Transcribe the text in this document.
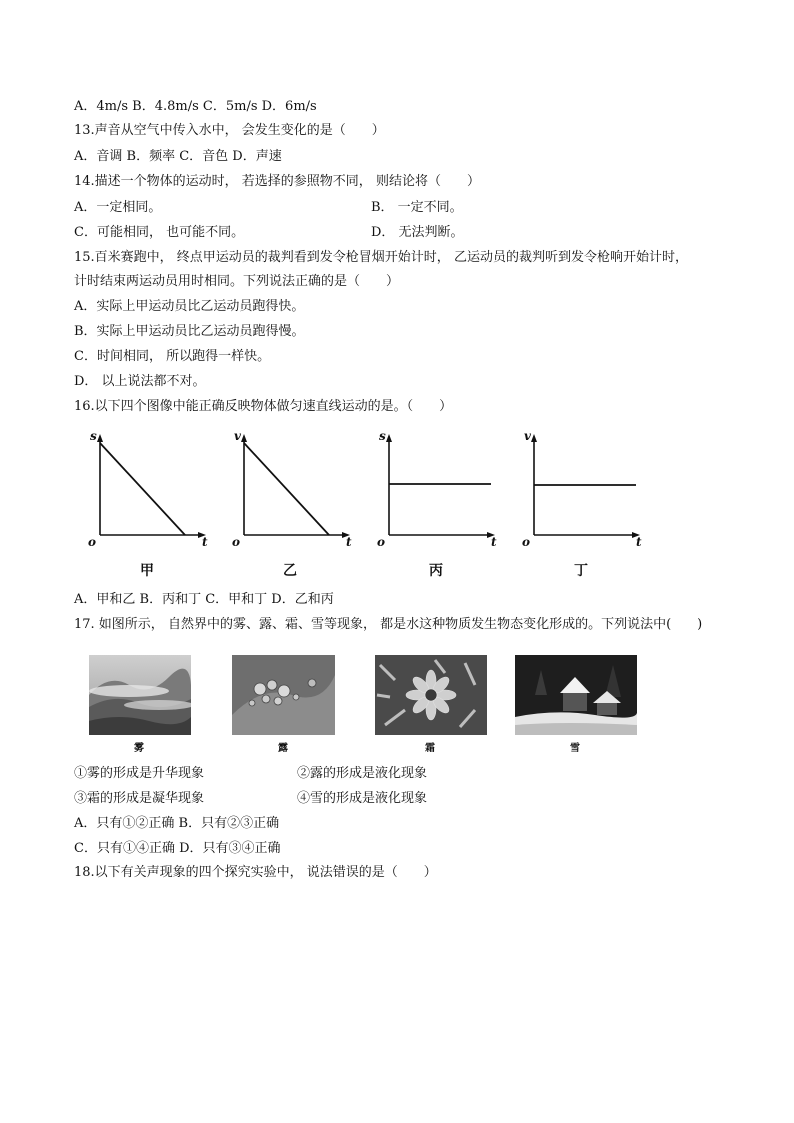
A．4m/s B．4.8m/s C．5m/s D．6m/s
13.声音从空气中传入水中， 会发生变化的是（　　）
A．音调 B．频率 C．音色 D．声速
14.描述一个物体的运动时， 若选择的参照物不同， 则结论将（　　）
A．一定相同。	B． 一定不同。
C．可能相同， 也可能不同。	D． 无法判断。
15.百米赛跑中， 终点甲运动员的裁判看到发令枪冒烟开始计时， 乙运动员的裁判听到发令枪响开始计时，
计时结束两运动员用时相同。下列说法正确的是（　　）
A．实际上甲运动员比乙运动员跑得快。
B．实际上甲运动员比乙运动员跑得慢。
C．时间相同， 所以跑得一样快。
D． 以上说法都不对。
16.以下四个图像中能正确反映物体做匀速直线运动的是。（　　）
s
t
o
甲
v
t
o
乙
s
t
o
丙
v
t
o
丁
A．甲和乙 B．丙和丁 C．甲和丁 D．乙和丙
17. 如图所示， 自然界中的雾、露、霜、雪等现象， 都是水这种物质发生物态变化形成的。下列说法中(　　)
雾	露	霜	雪
①雾的形成是升华现象	②露的形成是液化现象
③霜的形成是凝华现象	④雪的形成是液化现象
A．只有①②正确 B．只有②③正确
C．只有①④正确 D．只有③④正确
18.以下有关声现象的四个探究实验中， 说法错误的是（　　）
